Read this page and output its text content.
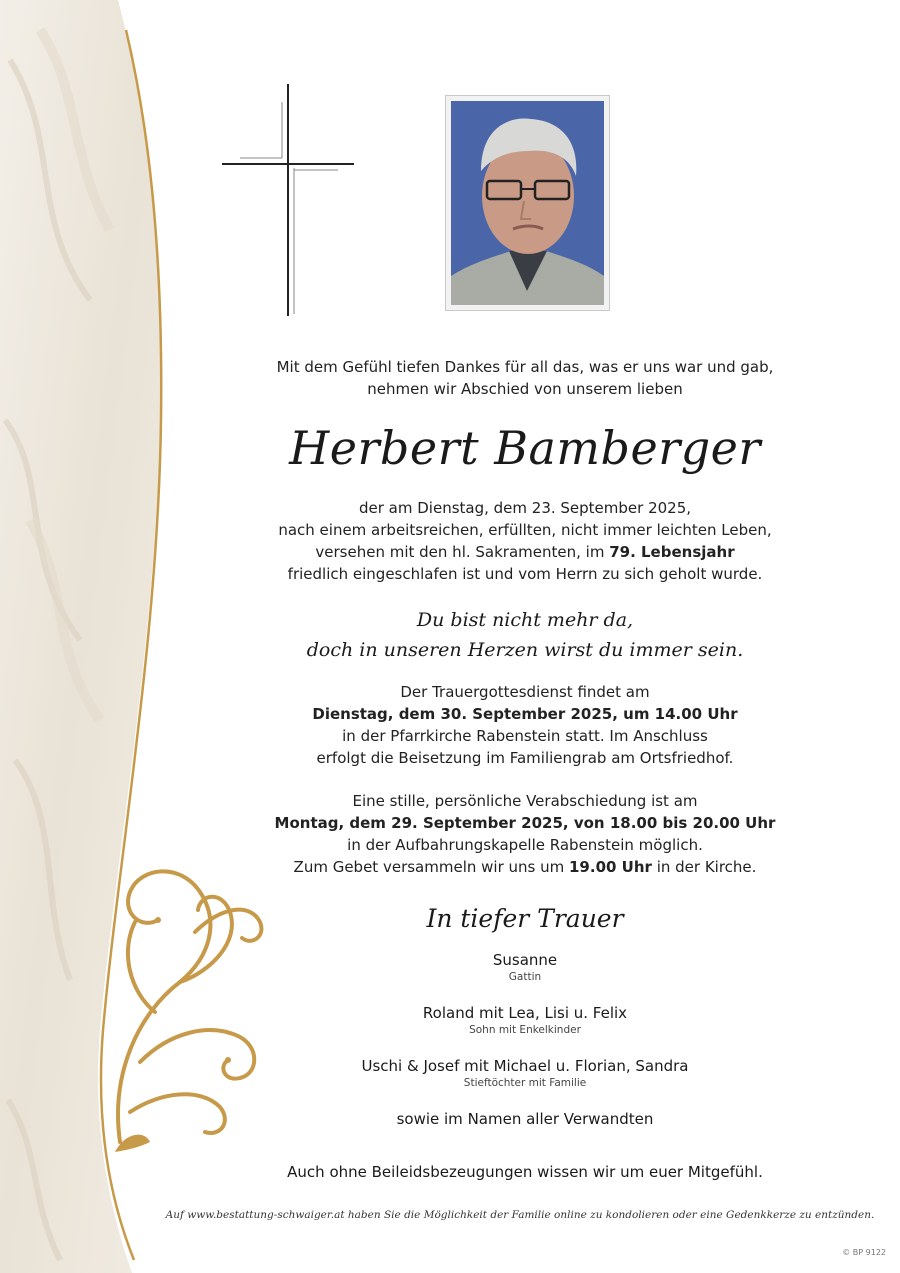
Mit dem Gefühl tiefen Dankes für all das, was er uns war und gab,
nehmen wir Abschied von unserem lieben
Herbert Bamberger
der am Dienstag, dem 23. September 2025,
nach einem arbeitsreichen, erfüllten, nicht immer leichten Leben,
versehen mit den hl. Sakramenten, im 79. Lebensjahr
friedlich eingeschlafen ist und vom Herrn zu sich geholt wurde.
Du bist nicht mehr da,
doch in unseren Herzen wirst du immer sein.
Der Trauergottesdienst findet am
Dienstag, dem 30. September 2025, um 14.00 Uhr
in der Pfarrkirche Rabenstein statt. Im Anschluss
erfolgt die Beisetzung im Familiengrab am Ortsfriedhof.
Eine stille, persönliche Verabschiedung ist am
Montag, dem 29. September 2025, von 18.00 bis 20.00 Uhr
in der Aufbahrungskapelle Rabenstein möglich.
Zum Gebet versammeln wir uns um 19.00 Uhr in der Kirche.
In tiefer Trauer
Susanne
Gattin
Roland mit Lea, Lisi u. Felix
Sohn mit Enkelkinder
Uschi & Josef mit Michael u. Florian, Sandra
Stieftöchter mit Familie
sowie im Namen aller Verwandten
Auch ohne Beileidsbezeugungen wissen wir um euer Mitgefühl.
Auf www.bestattung-schwaiger.at haben Sie die Möglichkeit der Familie online zu kondolieren oder eine Gedenkkerze zu entzünden.
© BP 9122
